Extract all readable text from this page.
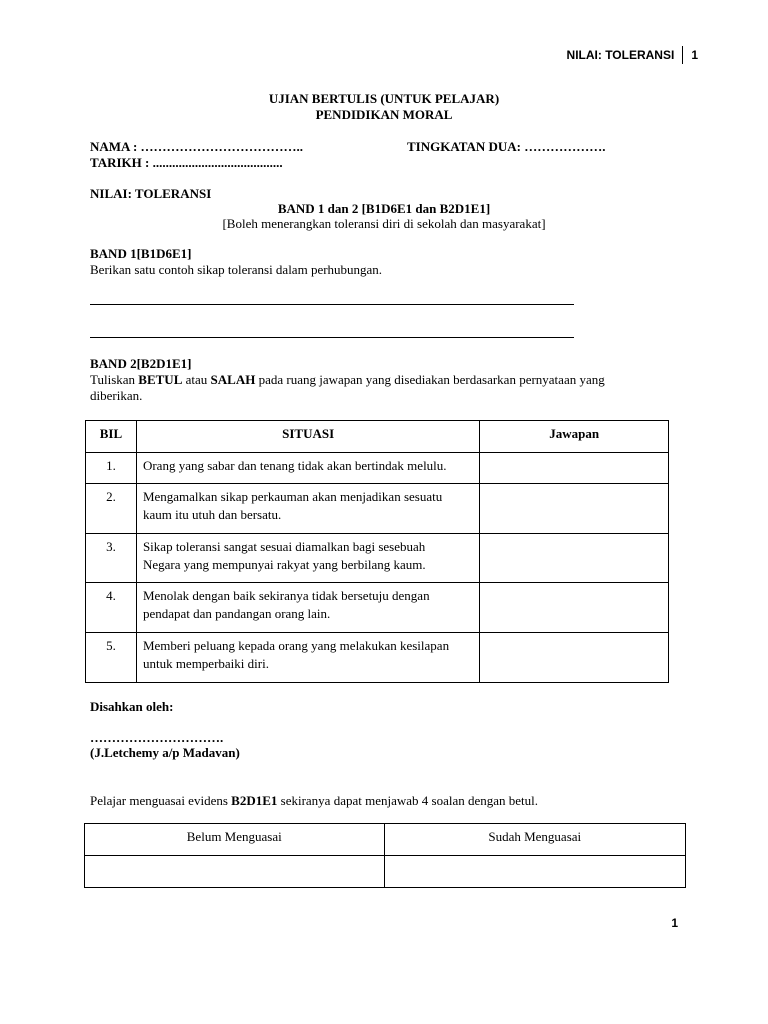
NILAI: TOLERANSI 1
UJIAN BERTULIS (UNTUK PELAJAR)
PENDIDIKAN MORAL
NAMA : ………………………………..	TINGKATAN DUA: ……………….
TARIKH : ........................................
NILAI: TOLERANSI
BAND 1 dan 2 [B1D6E1 dan B2D1E1]
[Boleh menerangkan toleransi diri di sekolah dan masyarakat]
BAND 1[B1D6E1]
Berikan satu contoh sikap toleransi dalam perhubungan.
BAND 2[B2D1E1]
Tuliskan BETUL atau SALAH pada ruang jawapan yang disediakan berdasarkan pernyataan yang
diberikan.
BIL	SITUASI	Jawapan
1.	Orang yang sabar dan tenang tidak akan bertindak melulu.	
2.	Mengamalkan sikap perkauman akan menjadikan sesuatu
kaum itu utuh dan bersatu.	

3.	Sikap toleransi sangat sesuai diamalkan bagi sesebuah
Negara yang mempunyai rakyat yang berbilang kaum.	

4.	Menolak dengan baik sekiranya tidak bersetuju dengan
pendapat dan pandangan orang lain.	

5.	Memberi peluang kepada orang yang melakukan kesilapan
untuk memperbaiki diri.	

Disahkan oleh:
………………………….
(J.Letchemy a/p Madavan)
Pelajar menguasai evidens B2D1E1 sekiranya dapat menjawab 4 soalan dengan betul.
Belum Menguasai	Sudah Menguasai

1
